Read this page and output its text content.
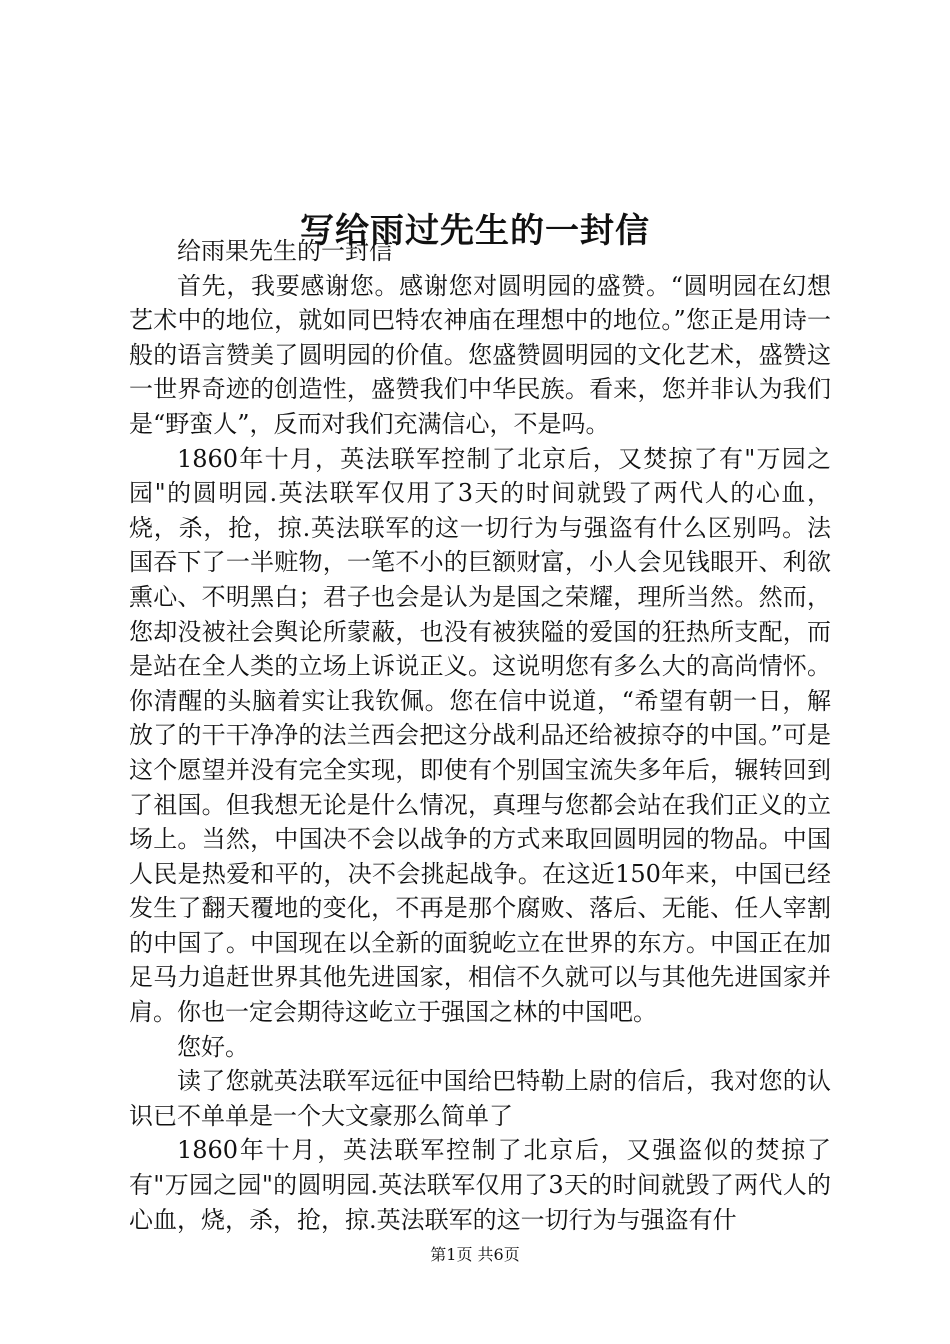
写给雨过先生的一封信

给雨果先生的一封信

首先，我要感谢您。感谢您对圆明园的盛赞。“圆明园在幻想艺术中的地位，就如同巴特农神庙在理想中的地位。”您正是用诗一般的语言赞美了圆明园的价值。您盛赞圆明园的文化艺术，盛赞这一世界奇迹的创造性，盛赞我们中华民族。看来，您并非认为我们是“野蛮人”，反而对我们充满信心，不是吗。

1860年十月，英法联军控制了北京后，又焚掠了有"万园之园"的圆明园.英法联军仅用了3天的时间就毁了两代人的心血，烧，杀，抢，掠.英法联军的这一切行为与强盗有什么区别吗。法国吞下了一半赃物，一笔不小的巨额财富，小人会见钱眼开、利欲熏心、不明黑白；君子也会是认为是国之荣耀，理所当然。然而，您却没被社会舆论所蒙蔽，也没有被狭隘的爱国的狂热所支配，而是站在全人类的立场上诉说正义。这说明您有多么大的高尚情怀。你清醒的头脑着实让我钦佩。您在信中说道，“希望有朝一日，解放了的干干净净的法兰西会把这分战利品还给被掠夺的中国。”可是这个愿望并没有完全实现，即使有个别国宝流失多年后，辗转回到了祖国。但我想无论是什么情况，真理与您都会站在我们正义的立场上。当然，中国决不会以战争的方式来取回圆明园的物品。中国人民是热爱和平的，决不会挑起战争。在这近150年来，中国已经发生了翻天覆地的变化，不再是那个腐败、落后、无能、任人宰割的中国了。中国现在以全新的面貌屹立在世界的东方。中国正在加足马力追赶世界其他先进国家，相信不久就可以与其他先进国家并肩。你也一定会期待这屹立于强国之林的中国吧。

您好。

读了您就英法联军远征中国给巴特勒上尉的信后，我对您的认识已不单单是一个大文豪那么简单了

1860年十月，英法联军控制了北京后，又强盗似的焚掠了有"万园之园"的圆明园.英法联军仅用了3天的时间就毁了两代人的心血，烧，杀，抢，掠.英法联军的这一切行为与强盗有什

第1页 共6页
